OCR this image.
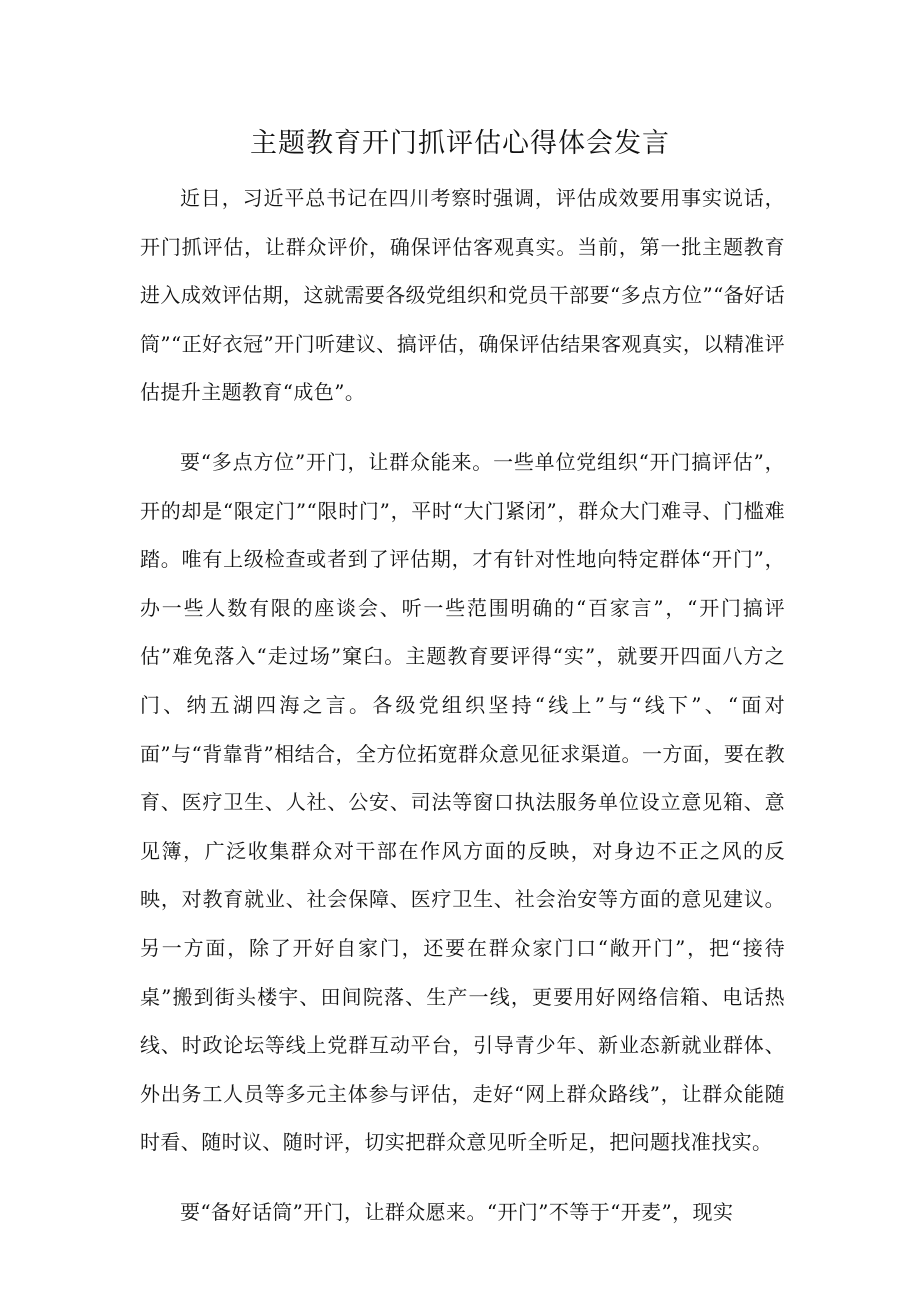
主题教育开门抓评估心得体会发言

近日，习近平总书记在四川考察时强调，评估成效要用事实说话，开门抓评估，让群众评价，确保评估客观真实。当前，第一批主题教育进入成效评估期，这就需要各级党组织和党员干部要“多点方位”“备好话筒”“正好衣冠”开门听建议、搞评估，确保评估结果客观真实，以精准评估提升主题教育“成色”。

要“多点方位”开门，让群众能来。一些单位党组织“开门搞评估”，开的却是“限定门”“限时门”，平时“大门紧闭”，群众大门难寻、门槛难踏。唯有上级检查或者到了评估期，才有针对性地向特定群体“开门”，办一些人数有限的座谈会、听一些范围明确的“百家言”，“开门搞评估”难免落入“走过场”窠臼。主题教育要评得“实”，就要开四面八方之门、纳五湖四海之言。各级党组织坚持“线上”与“线下”、“面对面”与“背靠背”相结合，全方位拓宽群众意见征求渠道。一方面，要在教育、医疗卫生、人社、公安、司法等窗口执法服务单位设立意见箱、意见簿，广泛收集群众对干部在作风方面的反映，对身边不正之风的反映，对教育就业、社会保障、医疗卫生、社会治安等方面的意见建议。另一方面，除了开好自家门，还要在群众家门口“敞开门”，把“接待桌”搬到街头楼宇、田间院落、生产一线，更要用好网络信箱、电话热线、时政论坛等线上党群互动平台，引导青少年、新业态新就业群体、外出务工人员等多元主体参与评估，走好“网上群众路线”，让群众能随时看、随时议、随时评，切实把群众意见听全听足，把问题找准找实。

要“备好话筒”开门，让群众愿来。“开门”不等于“开麦”，现实
